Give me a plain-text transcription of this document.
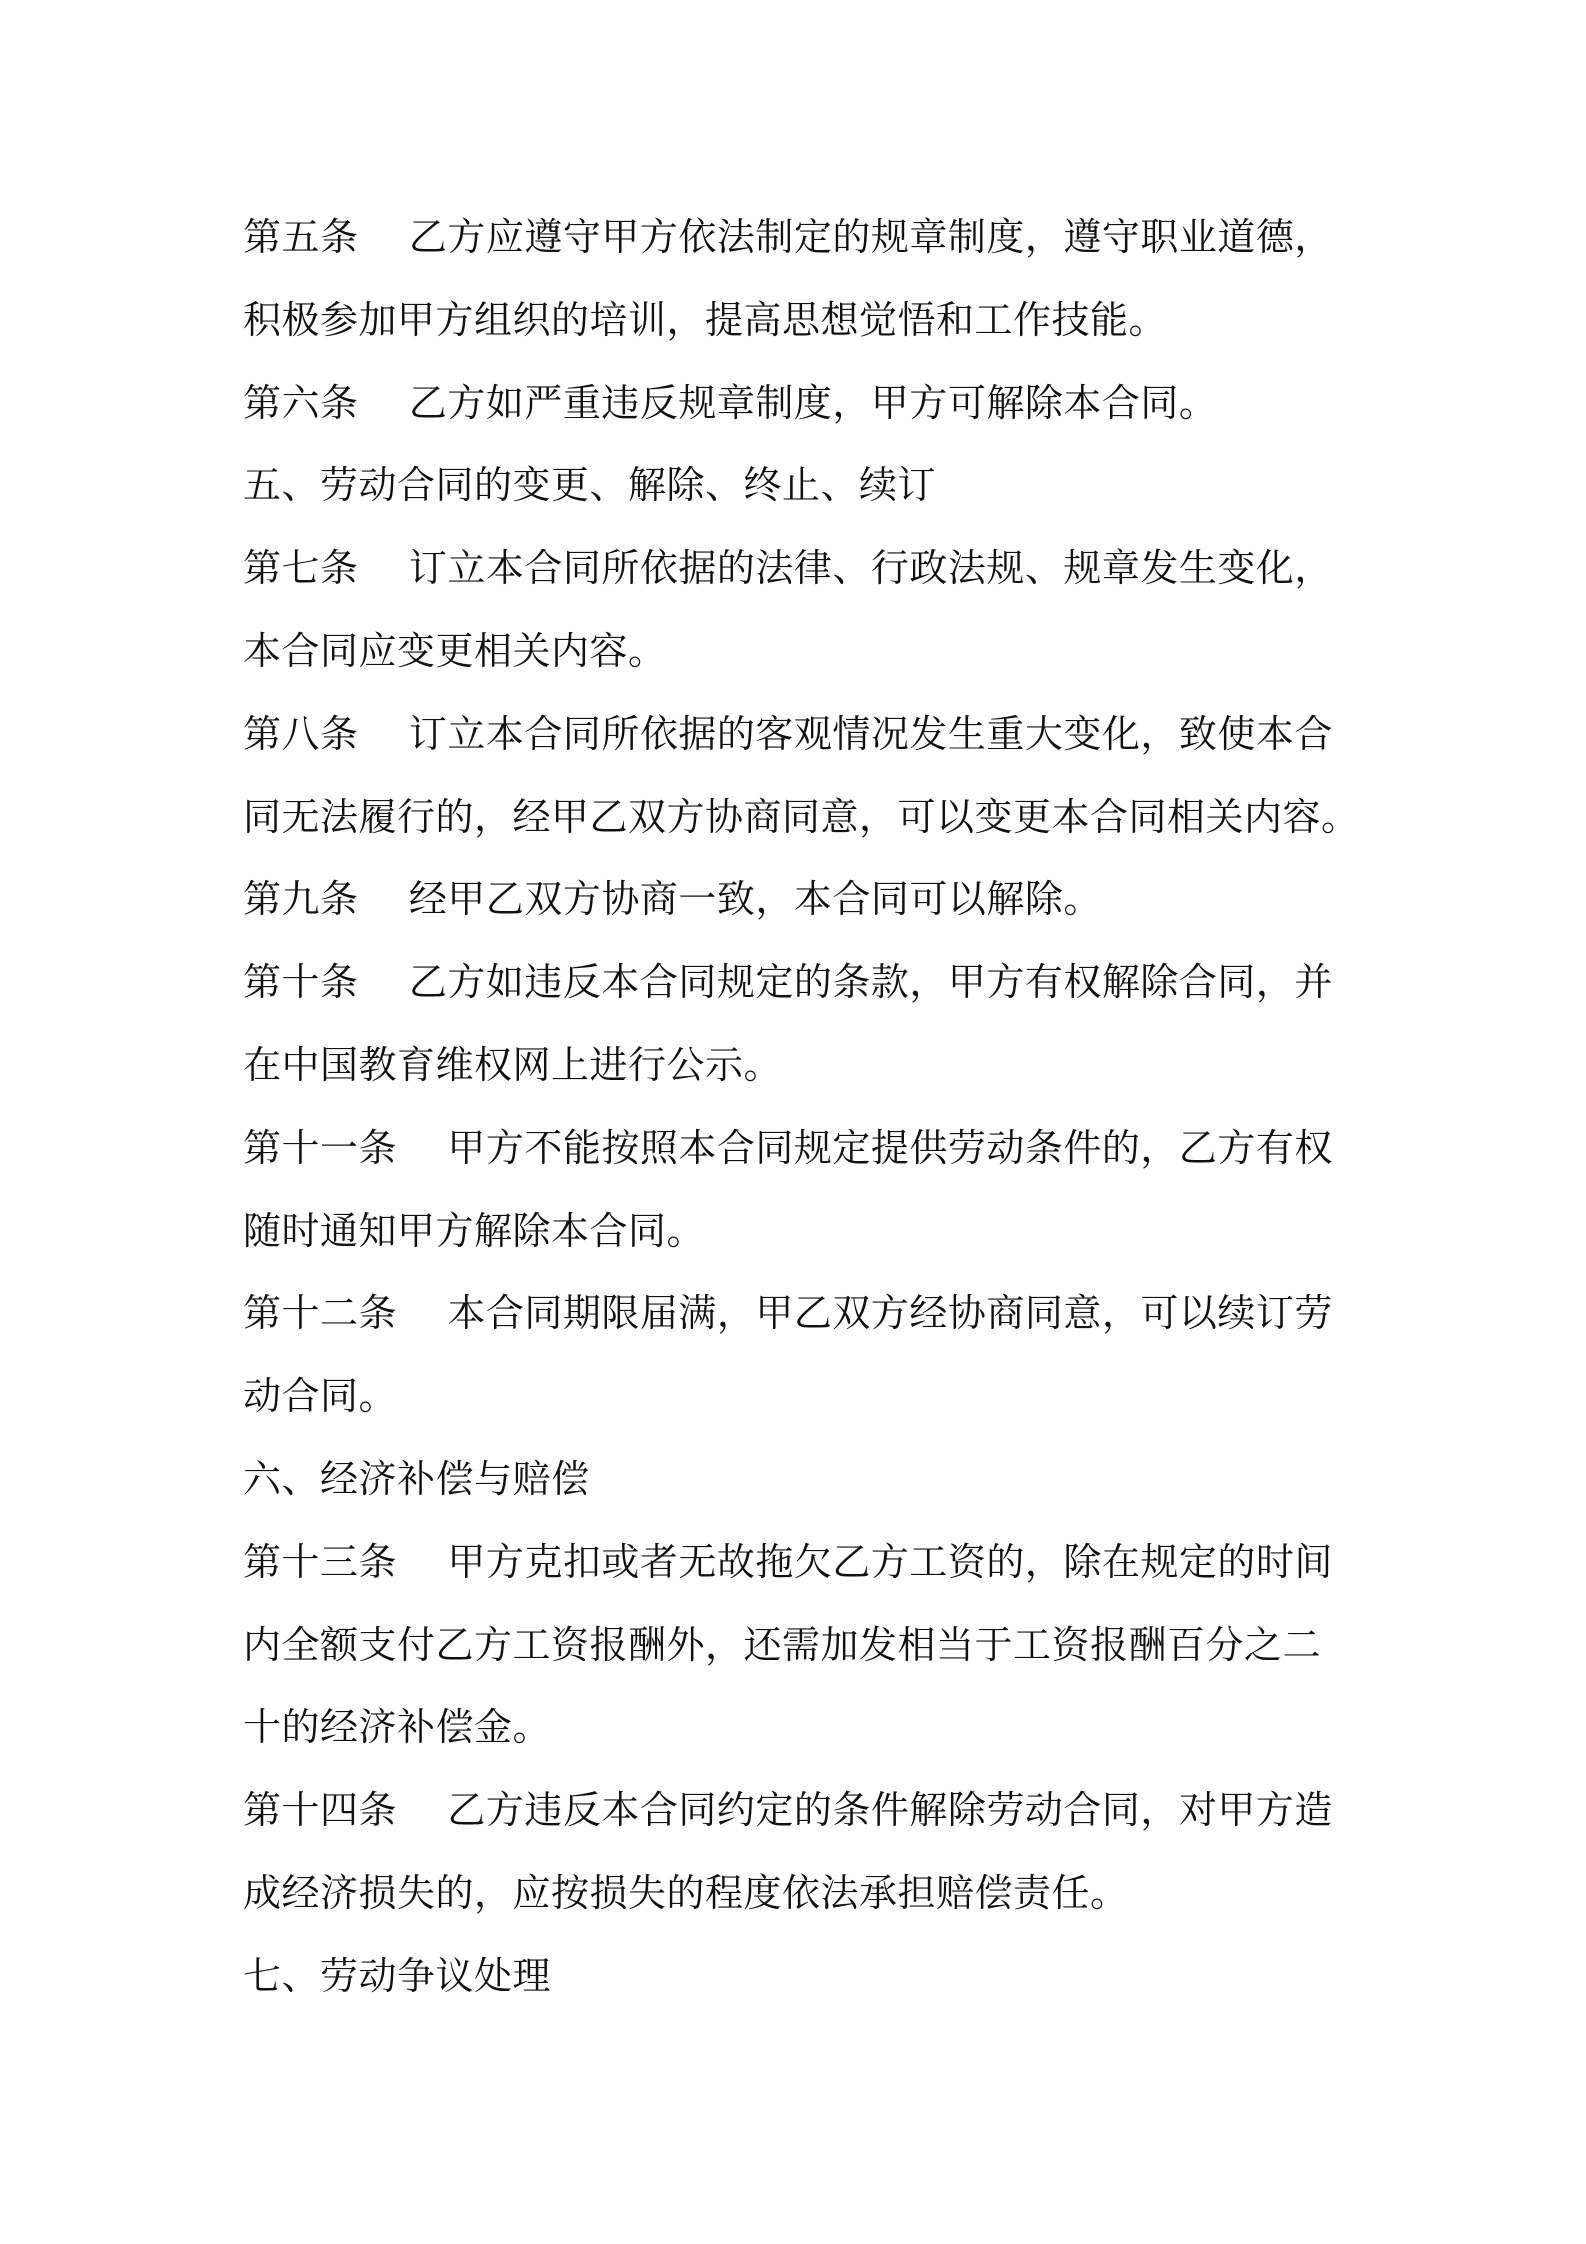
第五条    乙方应遵守甲方依法制定的规章制度，遵守职业道德，
积极参加甲方组织的培训，提高思想觉悟和工作技能。
第六条    乙方如严重违反规章制度，甲方可解除本合同。
五、劳动合同的变更、解除、终止、续订
第七条    订立本合同所依据的法律、行政法规、规章发生变化，
本合同应变更相关内容。
第八条    订立本合同所依据的客观情况发生重大变化，致使本合
同无法履行的，经甲乙双方协商同意，可以变更本合同相关内容。
第九条    经甲乙双方协商一致，本合同可以解除。
第十条    乙方如违反本合同规定的条款，甲方有权解除合同，并
在中国教育维权网上进行公示。
第十一条    甲方不能按照本合同规定提供劳动条件的，乙方有权
随时通知甲方解除本合同。
第十二条    本合同期限届满，甲乙双方经协商同意，可以续订劳
动合同。
六、经济补偿与赔偿
第十三条    甲方克扣或者无故拖欠乙方工资的，除在规定的时间
内全额支付乙方工资报酬外，还需加发相当于工资报酬百分之二
十的经济补偿金。
第十四条    乙方违反本合同约定的条件解除劳动合同，对甲方造
成经济损失的，应按损失的程度依法承担赔偿责任。
七、劳动争议处理
